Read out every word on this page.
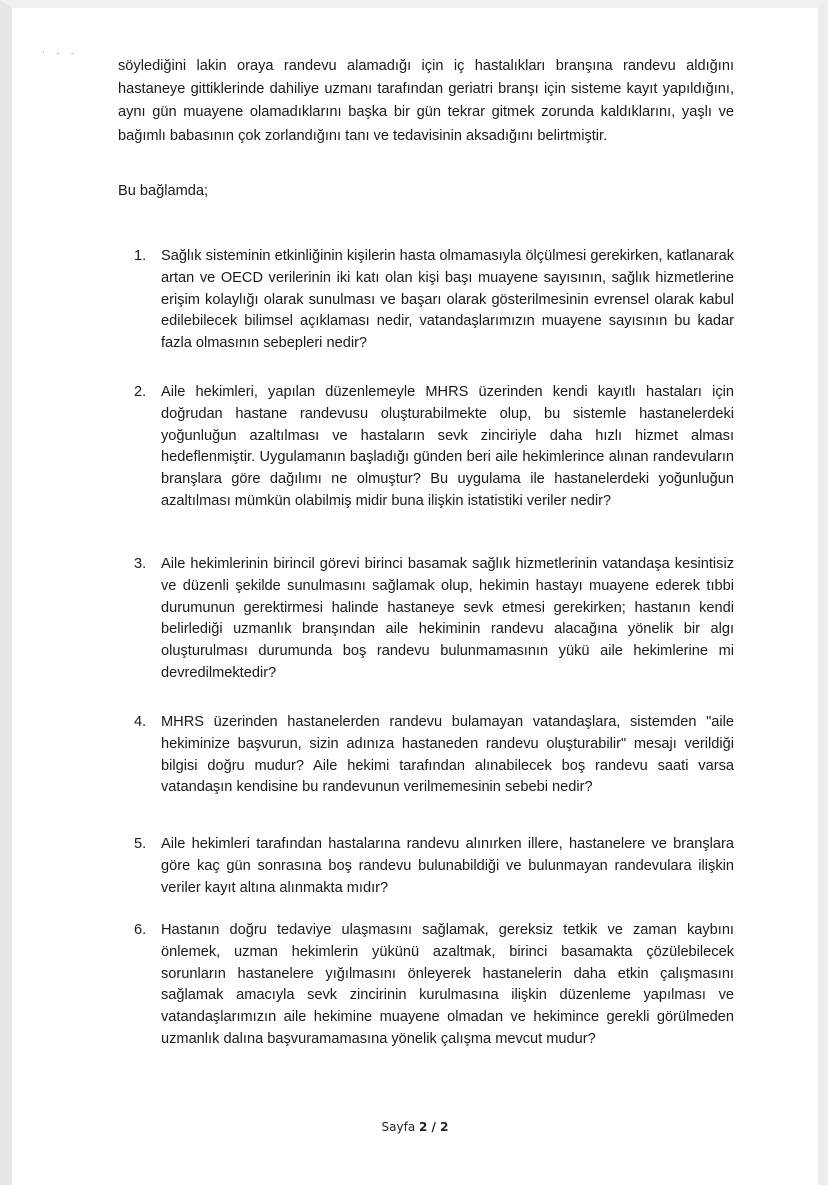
· ˗ ˗

söylediğini lakin oraya randevu alamadığı için iç hastalıkları branşına randevu aldığını hastaneye gittiklerinde dahiliye uzmanı tarafından geriatri branşı için sisteme kayıt yapıldığını, aynı gün muayene olamadıklarını başka bir gün tekrar gitmek zorunda kaldıklarını, yaşlı ve bağımlı babasının çok zorlandığını tanı ve tedavisinin aksadığını belirtmiştir.

Bu bağlamda;

1. Sağlık sisteminin etkinliğinin kişilerin hasta olmamasıyla ölçülmesi gerekirken, katlanarak artan ve OECD verilerinin iki katı olan kişi başı muayene sayısının, sağlık hizmetlerine erişim kolaylığı olarak sunulması ve başarı olarak gösterilmesinin evrensel olarak kabul edilebilecek bilimsel açıklaması nedir, vatandaşlarımızın muayene sayısının bu kadar fazla olmasının sebepleri nedir?
2. Aile hekimleri, yapılan düzenlemeyle MHRS üzerinden kendi kayıtlı hastaları için doğrudan hastane randevusu oluşturabilmekte olup, bu sistemle hastanelerdeki yoğunluğun azaltılması ve hastaların sevk zinciriyle daha hızlı hizmet alması hedeflenmiştir. Uygulamanın başladığı günden beri aile hekimlerince alınan randevuların branşlara göre dağılımı ne olmuştur? Bu uygulama ile hastanelerdeki yoğunluğun azaltılması mümkün olabilmiş midir buna ilişkin istatistiki veriler nedir?
3. Aile hekimlerinin birincil görevi birinci basamak sağlık hizmetlerinin vatandaşa kesintisiz ve düzenli şekilde sunulmasını sağlamak olup, hekimin hastayı muayene ederek tıbbi durumunun gerektirmesi halinde hastaneye sevk etmesi gerekirken; hastanın kendi belirlediği uzmanlık branşından aile hekiminin randevu alacağına yönelik bir algı oluşturulması durumunda boş randevu bulunmamasının yükü aile hekimlerine mi devredilmektedir?
4. MHRS üzerinden hastanelerden randevu bulamayan vatandaşlara, sistemden "aile hekiminize başvurun, sizin adınıza hastaneden randevu oluşturabilir" mesajı verildiği bilgisi doğru mudur? Aile hekimi tarafından alınabilecek boş randevu saati varsa vatandaşın kendisine bu randevunun verilmemesinin sebebi nedir?
5. Aile hekimleri tarafından hastalarına randevu alınırken illere, hastanelere ve branşlara göre kaç gün sonrasına boş randevu bulunabildiği ve bulunmayan randevulara ilişkin veriler kayıt altına alınmakta mıdır?
6. Hastanın doğru tedaviye ulaşmasını sağlamak, gereksiz tetkik ve zaman kaybını önlemek, uzman hekimlerin yükünü azaltmak, birinci basamakta çözülebilecek sorunların hastanelere yığılmasını önleyerek hastanelerin daha etkin çalışmasını sağlamak amacıyla sevk zincirinin kurulmasına ilişkin düzenleme yapılması ve vatandaşlarımızın aile hekimine muayene olmadan ve hekimince gerekli görülmeden uzmanlık dalına başvuramamasına yönelik çalışma mevcut mudur?
Sayfa 2 / 2
